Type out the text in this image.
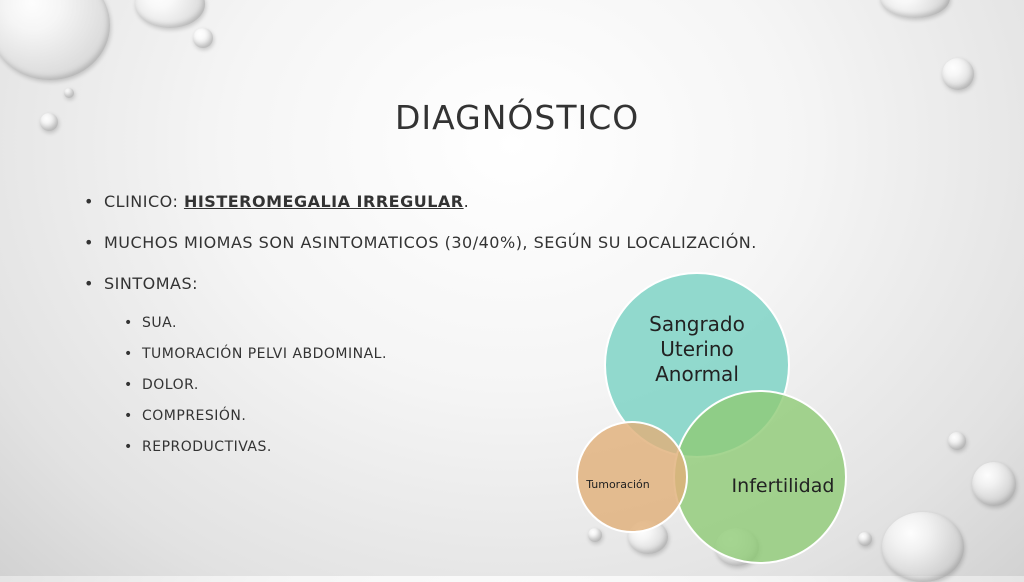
DIAGNÓSTICO
• CLINICO: HISTEROMEGALIA IRREGULAR.
• MUCHOS MIOMAS SON ASINTOMATICOS (30/40%), SEGÚN SU LOCALIZACIÓN.
• SINTOMAS:
• SUA.
• TUMORACIÓN PELVI ABDOMINAL.
• DOLOR.
• COMPRESIÓN.
• REPRODUCTIVAS.
Sangrado
Uterino
Anormal
Infertilidad
Tumoración
